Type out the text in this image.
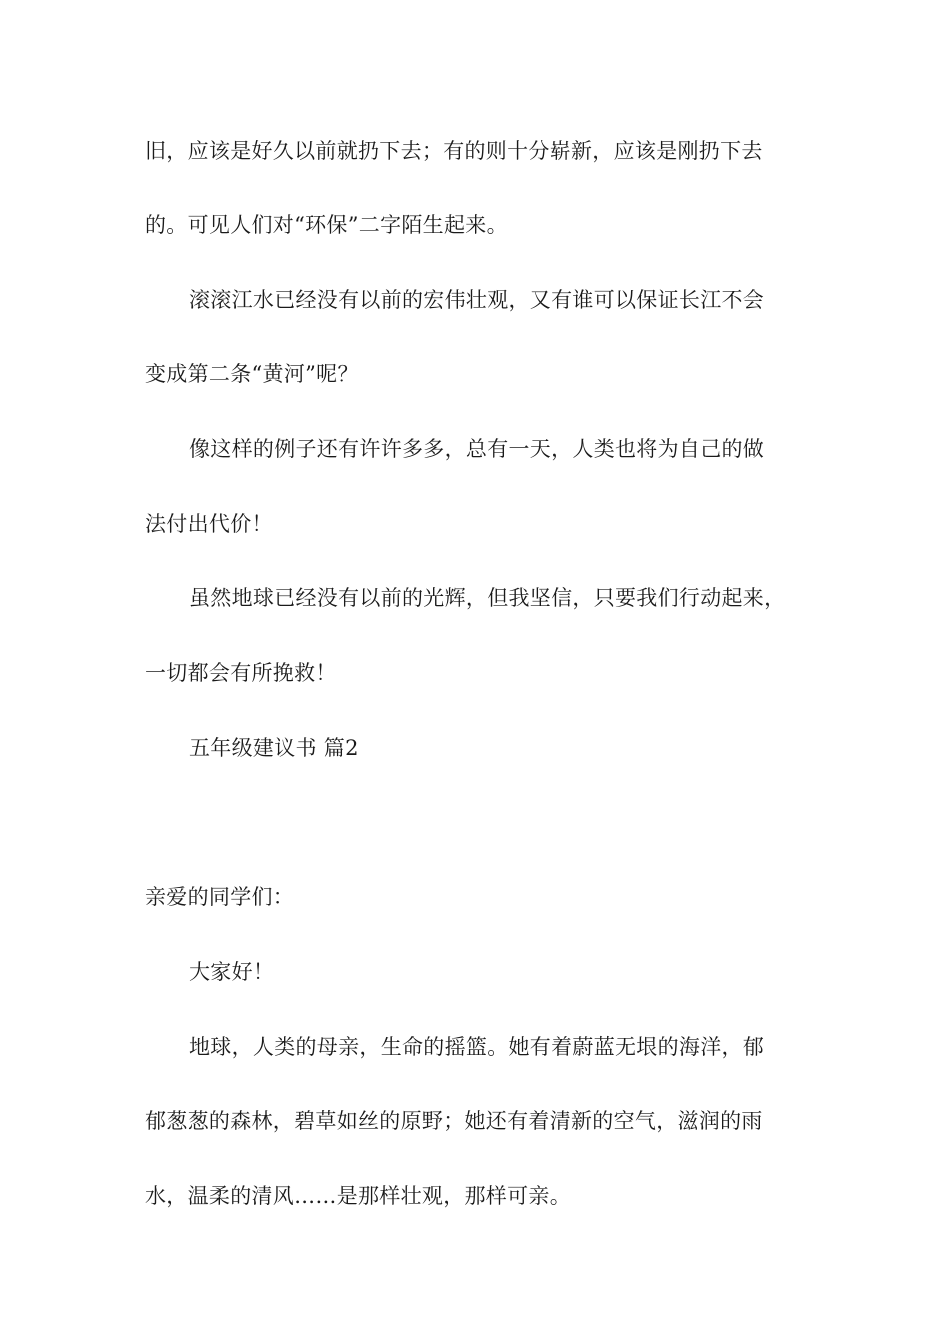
旧，应该是好久以前就扔下去；有的则十分崭新，应该是刚扔下去
的。可见人们对“环保”二字陌生起来。
滚滚江水已经没有以前的宏伟壮观，又有谁可以保证长江不会
变成第二条“黄河”呢？
像这样的例子还有许许多多，总有一天，人类也将为自己的做
法付出代价！
虽然地球已经没有以前的光辉，但我坚信，只要我们行动起来，
一切都会有所挽救！
五年级建议书 篇2
亲爱的同学们：
大家好！
地球，人类的母亲，生命的摇篮。她有着蔚蓝无垠的海洋，郁
郁葱葱的森林，碧草如丝的原野；她还有着清新的空气，滋润的雨
水，温柔的清风……是那样壮观，那样可亲。
